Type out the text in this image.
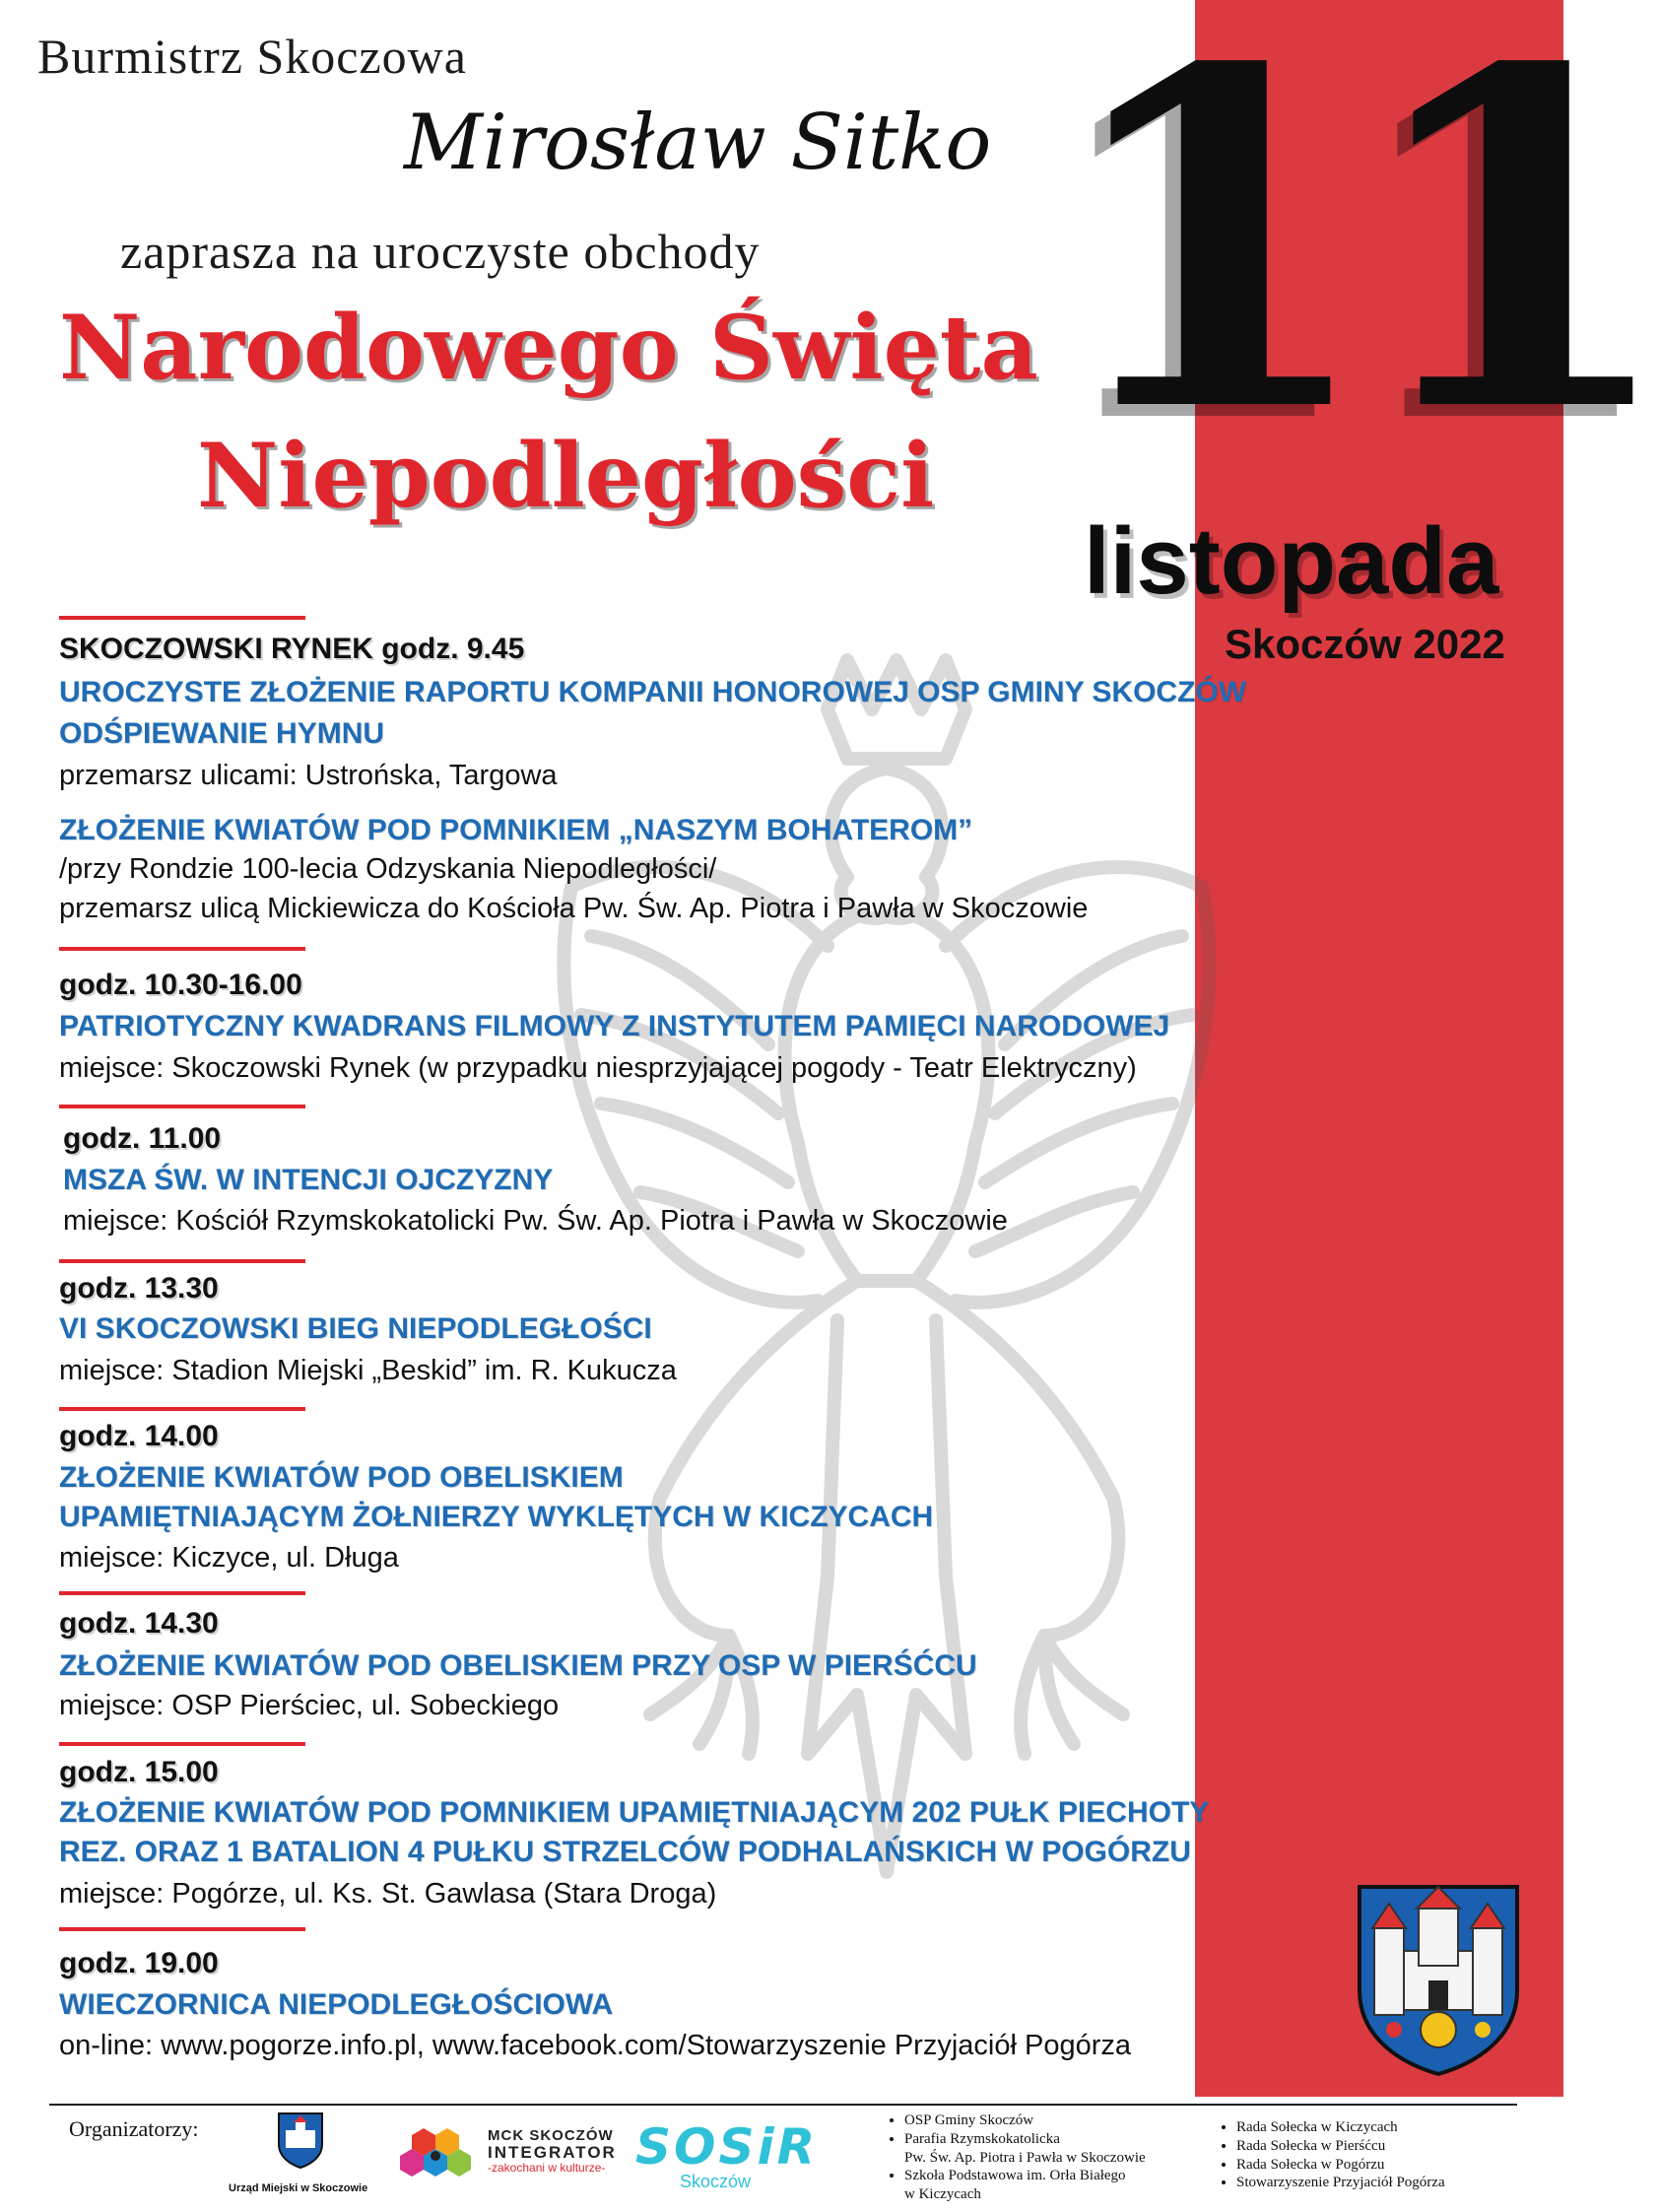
Burmistrz Skoczowa
Mirosław Sitko
zaprasza na uroczyste obchody
Narodowego Święta
Niepodległości 11
listopada
Skoczów 2022
SKOCZOWSKI RYNEK godz. 9.45
UROCZYSTE ZŁOŻENIE RAPORTU KOMPANII HONOROWEJ OSP GMINY SKOCZÓW
ODŚPIEWANIE HYMNU
przemarsz ulicami: Ustrońska, Targowa
ZŁOŻENIE KWIATÓW POD POMNIKIEM „NASZYM BOHATEROM”
/przy Rondzie 100-lecia Odzyskania Niepodległości/
przemarsz ulicą Mickiewicza do Kościoła Pw. Św. Ap. Piotra i Pawła w Skoczowie
godz. 10.30-16.00
PATRIOTYCZNY KWADRANS FILMOWY Z INSTYTUTEM PAMIĘCI NARODOWEJ
miejsce: Skoczowski Rynek (w przypadku niesprzyjającej pogody - Teatr Elektryczny)
godz. 11.00
MSZA ŚW. W INTENCJI OJCZYZNY
miejsce: Kościół Rzymskokatolicki Pw. Św. Ap. Piotra i Pawła w Skoczowie
godz. 13.30
VI SKOCZOWSKI BIEG NIEPODLEGŁOŚCI
miejsce: Stadion Miejski „Beskid” im. R. Kukucza
godz. 14.00
ZŁOŻENIE KWIATÓW POD OBELISKIEM
UPAMIĘTNIAJĄCYM ŻOŁNIERZY WYKLĘTYCH W KICZYCACH
miejsce: Kiczyce, ul. Długa
godz. 14.30
ZŁOŻENIE KWIATÓW POD OBELISKIEM PRZY OSP W PIERŚĆCU
miejsce: OSP Pierściec, ul. Sobeckiego
godz. 15.00
ZŁOŻENIE KWIATÓW POD POMNIKIEM UPAMIĘTNIAJĄCYM 202 PUŁK PIECHOTY
REZ. ORAZ 1 BATALION 4 PUŁKU STRZELCÓW PODHALAŃSKICH W POGÓRZU
miejsce: Pogórze, ul. Ks. St. Gawlasa (Stara Droga)
godz. 19.00
WIECZORNICA NIEPODLEGŁOŚCIOWA
on-line: www.pogorze.info.pl, www.facebook.com/Stowarzyszenie Przyjaciół Pogórza
Organizatorzy:
Urząd Miejski w Skoczowie
MCK SKOCZÓW
INTEGRATOR
-zakochani w kulturze- SOSiR
Skoczów
• OSP Gminy Skoczów
• Parafia Rzymskokatolicka
Pw. Św. Ap. Piotra i Pawła w Skoczowie
• Szkoła Podstawowa im. Orła Białego
w Kiczycach
• Rada Sołecka w Kiczycach
• Rada Sołecka w Pierśćcu
• Rada Sołecka w Pogórzu
• Stowarzyszenie Przyjaciół Pogórza
